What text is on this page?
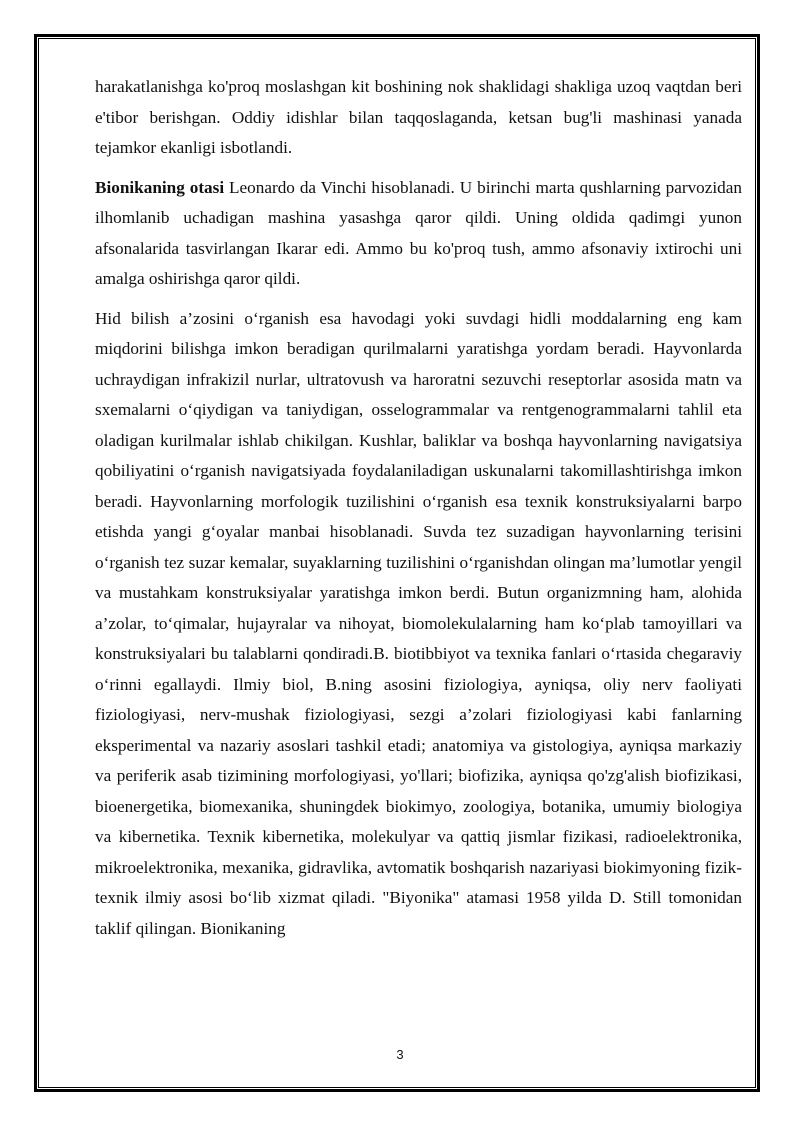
harakatlanishga ko'proq moslashgan kit boshining nok shaklidagi shakliga uzoq vaqtdan beri e'tibor berishgan. Oddiy idishlar bilan taqqoslaganda, ketsan bug'li mashinasi yanada tejamkor ekanligi isbotlandi.

Bionikaning otasi Leonardo da Vinchi hisoblanadi. U birinchi marta qushlarning parvozidan ilhomlanib uchadigan mashina yasashga qaror qildi. Uning oldida qadimgi yunon afsonalarida tasvirlangan Ikarar edi. Ammo bu ko'proq tush, ammo afsonaviy ixtirochi uni amalga oshirishga qaror qildi.

Hid bilish a’zosini o‘rganish esa havodagi yoki suvdagi hidli moddalarning eng kam miqdorini bilishga imkon beradigan qurilmalarni yaratishga yordam beradi. Hayvonlarda uchraydigan infrakizil nurlar, ultratovush va haroratni sezuvchi reseptorlar asosida matn va sxemalarni o‘qiydigan va taniydigan, osselogrammalar va rentgenogrammalarni tahlil eta oladigan kurilmalar ishlab chikilgan. Kushlar, baliklar va boshqa hayvonlarning navigatsiya qobiliyatini o‘rganish navigatsiyada foydalaniladigan uskunalarni takomillashtirishga imkon beradi. Hayvonlarning morfologik tuzilishini o‘rganish esa texnik konstruksiyalarni barpo etishda yangi g‘oyalar manbai hisoblanadi. Suvda tez suzadigan hayvonlarning terisini o‘rganish tez suzar kemalar, suyaklarning tuzilishini o‘rganishdan olingan ma’lumotlar yengil va mustahkam konstruksiyalar yaratishga imkon berdi. Butun organizmning ham, alohida a’zolar, to‘qimalar, hujayralar va nihoyat, biomolekulalarning ham ko‘plab tamoyillari va konstruksiyalari bu talablarni qondiradi.B. biotibbiyot va texnika fanlari o‘rtasida chegaraviy o‘rinni egallaydi. Ilmiy biol, B.ning asosini fiziologiya, ayniqsa, oliy nerv faoliyati fiziologiyasi, nerv-mushak fiziologiyasi, sezgi a’zolari fiziologiyasi kabi fanlarning eksperimental va nazariy asoslari tashkil etadi; anatomiya va gistologiya, ayniqsa markaziy va periferik asab tizimining morfologiyasi, yo'llari; biofizika, ayniqsa qo'zg'alish biofizikasi, bioenergetika, biomexanika, shuningdek biokimyo, zoologiya, botanika, umumiy biologiya va kibernetika. Texnik kibernetika, molekulyar va qattiq jismlar fizikasi, radioelektronika, mikroelektronika, mexanika, gidravlika, avtomatik boshqarish nazariyasi biokimyoning fizik-texnik ilmiy asosi bo‘lib xizmat qiladi. "Biyonika" atamasi 1958 yilda D. Still tomonidan taklif qilingan. Bionikaning

3
